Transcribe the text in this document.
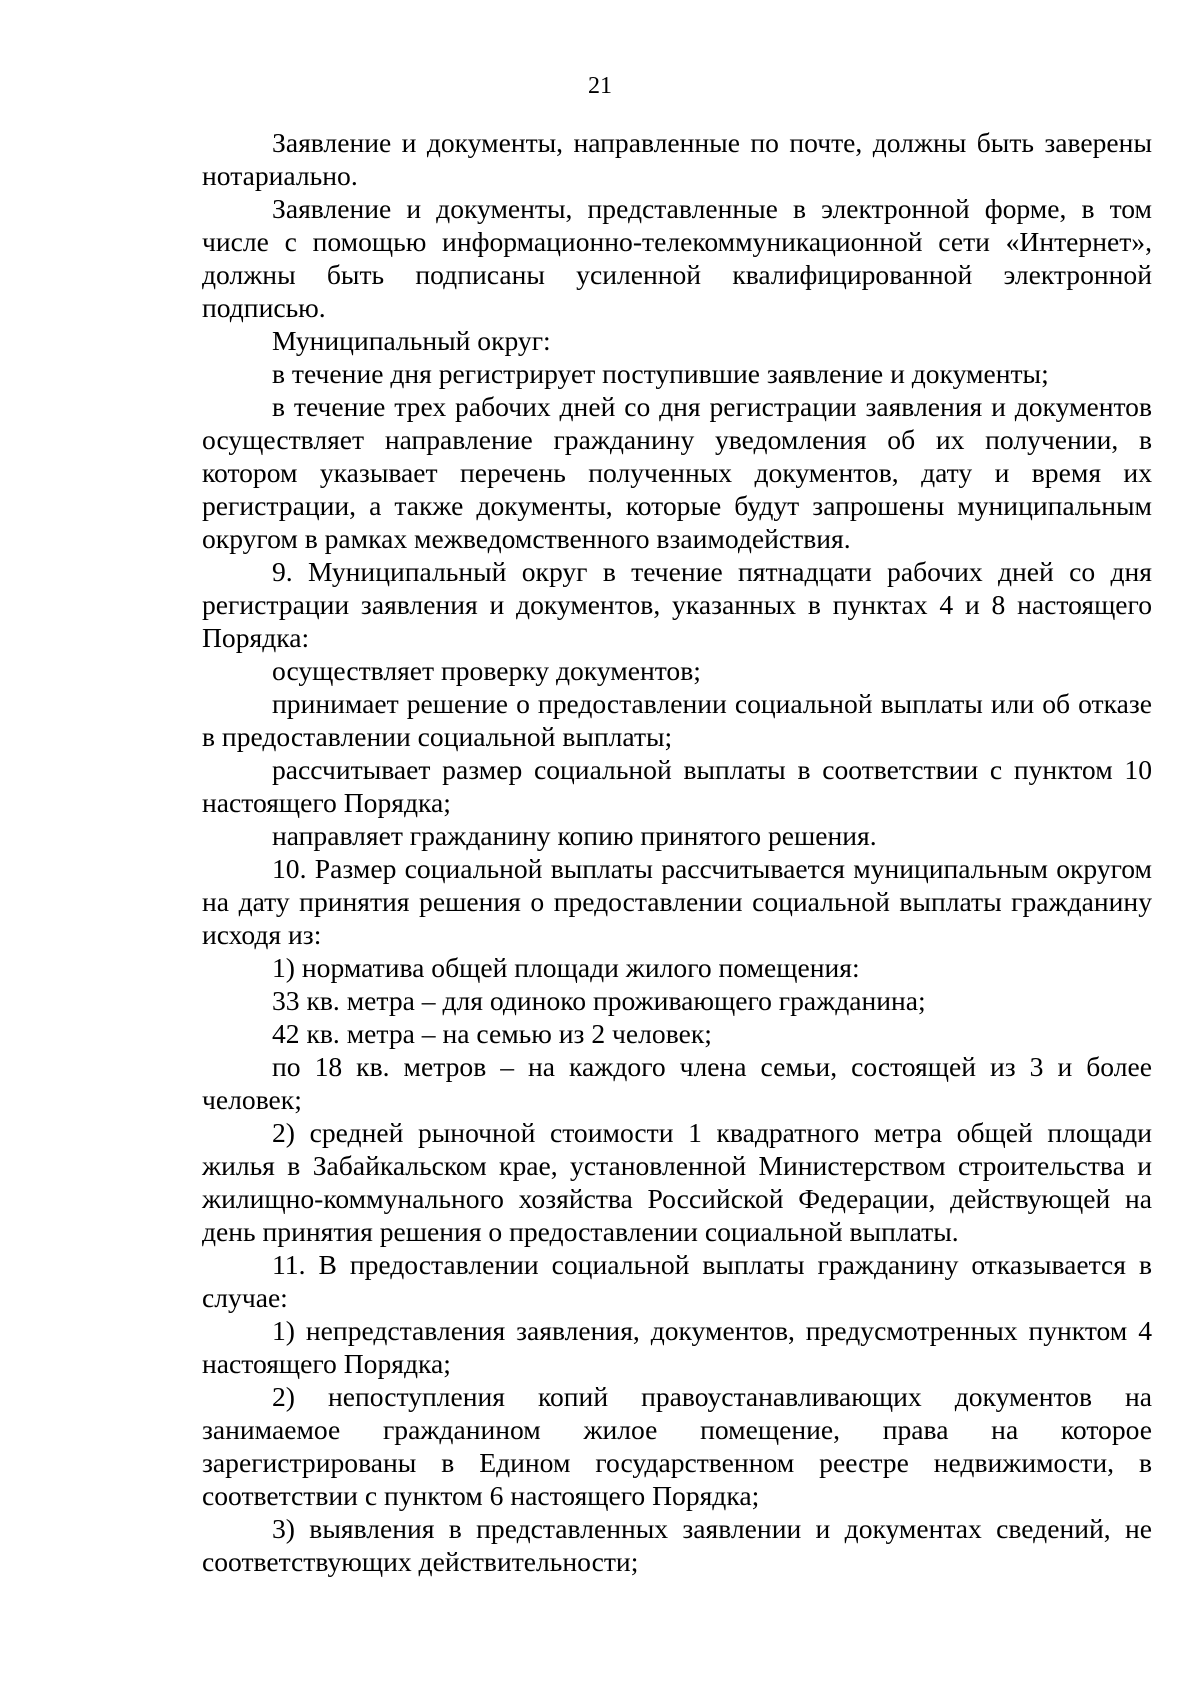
21

Заявление и документы, направленные по почте, должны быть заверены нотариально.

Заявление и документы, представленные в электронной форме, в том числе с помощью информационно-телекоммуникационной сети «Интернет», должны быть подписаны усиленной квалифицированной электронной подписью.

Муниципальный округ:

в течение дня регистрирует поступившие заявление и документы;

в течение трех рабочих дней со дня регистрации заявления и документов осуществляет направление гражданину уведомления об их получении, в котором указывает перечень полученных документов, дату и время их регистрации, а также документы, которые будут запрошены муниципальным округом в рамках межведомственного взаимодействия.

9. Муниципальный округ в течение пятнадцати рабочих дней со дня регистрации заявления и документов, указанных в пунктах 4 и 8 настоящего Порядка:

осуществляет проверку документов;

принимает решение о предоставлении социальной выплаты или об отказе в предоставлении социальной выплаты;

рассчитывает размер социальной выплаты в соответствии с пунктом 10 настоящего Порядка;

направляет гражданину копию принятого решения.

10. Размер социальной выплаты рассчитывается муниципальным округом на дату принятия решения о предоставлении социальной выплаты гражданину исходя из:

1) норматива общей площади жилого помещения:

33 кв. метра – для одиноко проживающего гражданина;

42 кв. метра – на семью из 2 человек;

по 18 кв. метров – на каждого члена семьи, состоящей из 3 и более человек;

2) средней рыночной стоимости 1 квадратного метра общей площади жилья в Забайкальском крае, установленной Министерством строительства и жилищно-коммунального хозяйства Российской Федерации, действующей на день принятия решения о предоставлении социальной выплаты.

11. В предоставлении социальной выплаты гражданину отказывается в случае:

1) непредставления заявления, документов, предусмотренных пунктом 4 настоящего Порядка;

2) непоступления копий правоустанавливающих документов на занимаемое гражданином жилое помещение, права на которое зарегистрированы в Едином государственном реестре недвижимости, в соответствии с пунктом 6 настоящего Порядка;

3) выявления в представленных заявлении и документах сведений, не соответствующих действительности;
